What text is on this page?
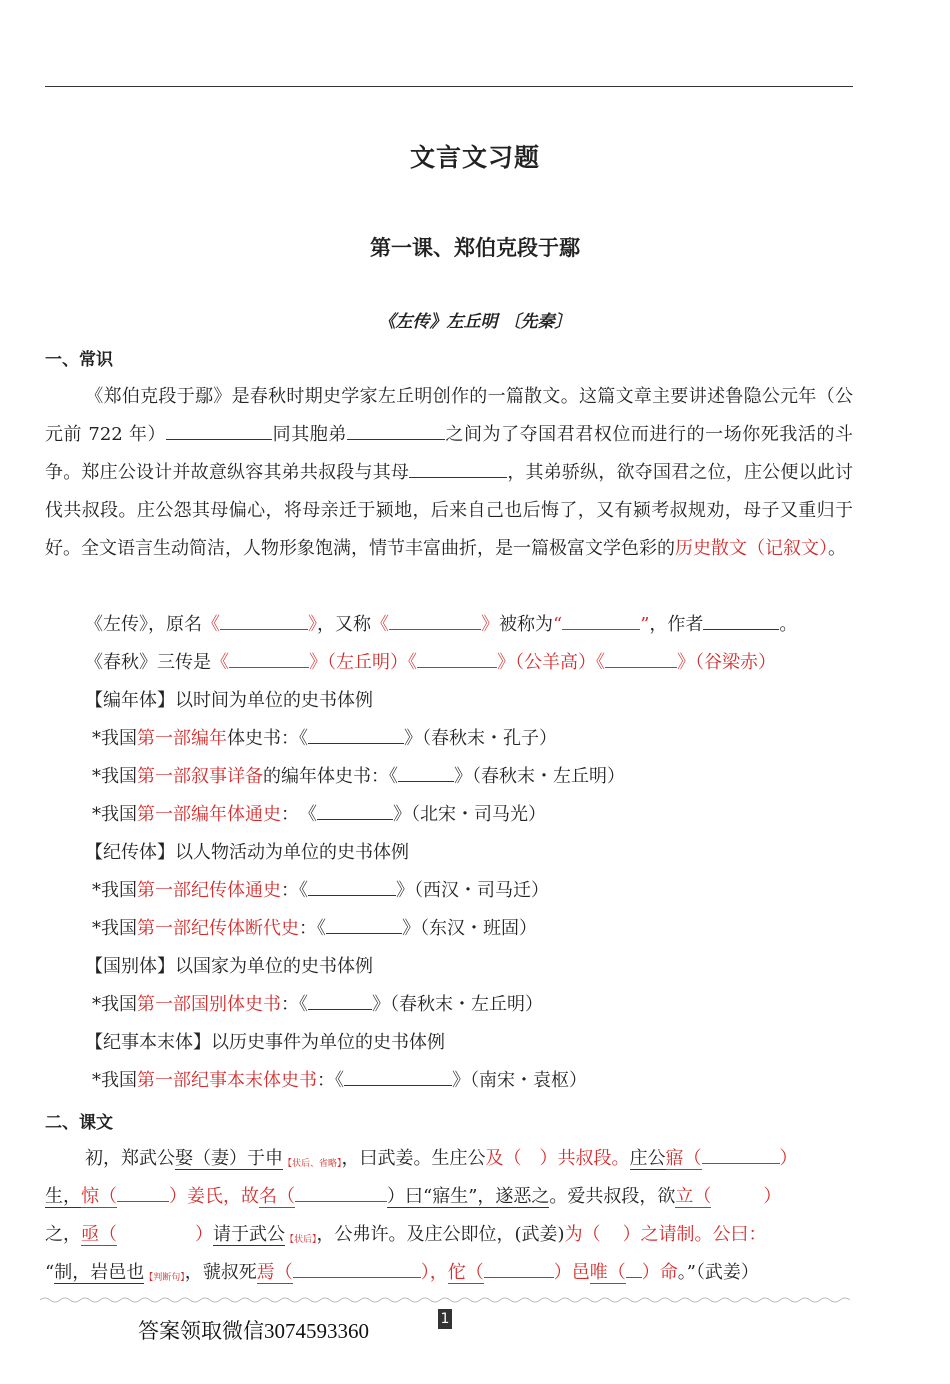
文言文习题
第一课、郑伯克段于鄢
《左传》左丘明 〔先秦〕
一、常识
《郑伯克段于鄢》是春秋时期史学家左丘明创作的一篇散文。这篇文章主要讲述鲁隐公元年（公元前 722 年）	同其胞弟	之间为了夺国君君权位而进行的一场你死我活的斗争。郑庄公设计并故意纵容其弟共叔段与其母	，其弟骄纵，欲夺国君之位，庄公便以此讨伐共叔段。庄公怨其母偏心，将母亲迁于颍地，后来自己也后悔了，又有颍考叔规劝，母子又重归于好。全文语言生动简洁，人物形象饱满，情节丰富曲折，是一篇极富文学色彩的历史散文（记叙文）。
《左传》，原名《	》，又称《	》被称为“	”，作者	。
《春秋》三传是《	》（左丘明）《	》（公羊高）《	》（谷梁赤）
【编年体】以时间为单位的史书体例
*我国第一部编年体史书：《	》（春秋末・孔子）
*我国第一部叙事详备的编年体史书：《	》（春秋末・左丘明）
*我国第一部编年体通史：　《	》（北宋・司马光）
【纪传体】以人物活动为单位的史书体例
*我国第一部纪传体通史：《	》（西汉・司马迁）
*我国第一部纪传体断代史：《	》（东汉・班固）
【国别体】以国家为单位的史书体例
*我国第一部国别体史书：《	》（春秋末・左丘明）
【纪事本末体】以历史事件为单位的史书体例
*我国第一部纪事本末体史书：《	》（南宋・袁枢）
二、课文
初，郑武公娶（妻）于申【状后、省略】，曰武姜。生庄公及（ ）共叔段。庄公寤（	）
生，惊（	）姜氏，故名（	）曰“寤生”，遂恶之。爱共叔段，欲立（	）
之，亟（	）请于武公【状后】，公弗许。及庄公即位，(武姜)为（ ）之请制。公曰：
“制，岩邑也【判断句】，虢叔死焉（	），佗（	）邑唯（ ）命。”（武姜）
1
答案领取微信3074593360
